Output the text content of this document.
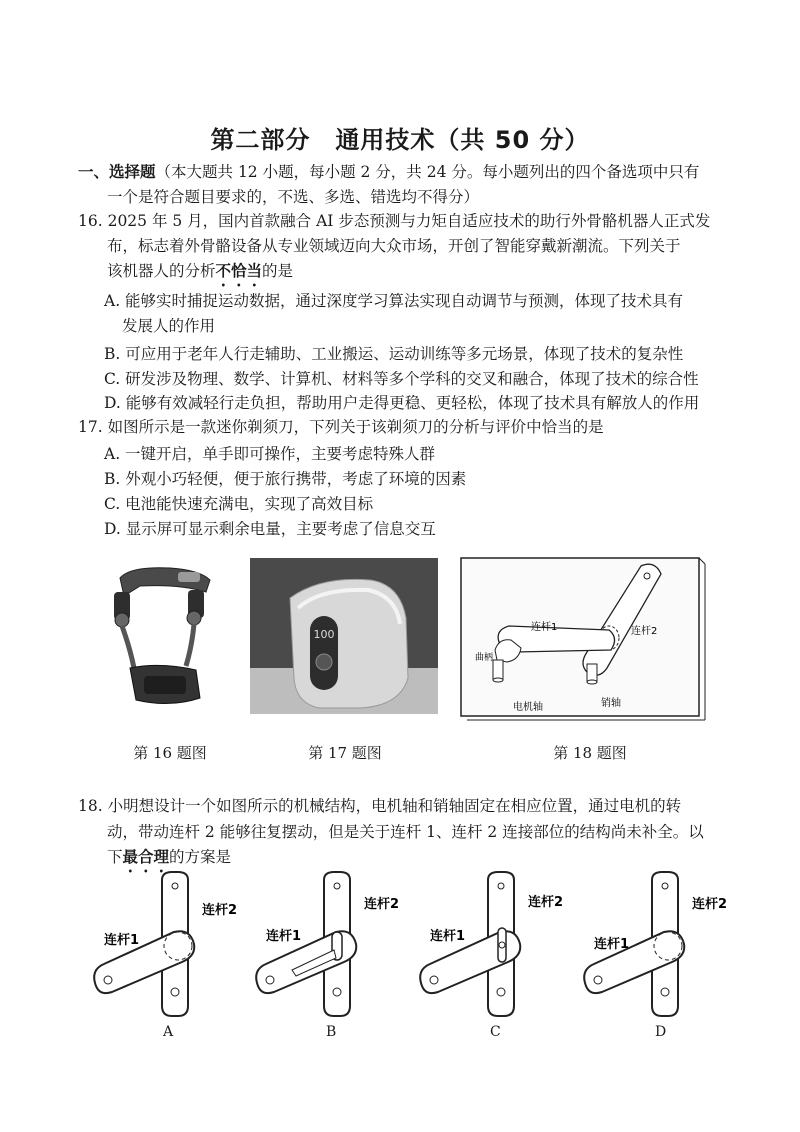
第二部分　通用技术（共 50 分）
一、选择题（本大题共 12 小题，每小题 2 分，共 24 分。每小题列出的四个备选项中只有
一个是符合题目要求的，不选、多选、错选均不得分）
16. 2025 年 5 月，国内首款融合 AI 步态预测与力矩自适应技术的助行外骨骼机器人正式发
布，标志着外骨骼设备从专业领域迈向大众市场，开创了智能穿戴新潮流。下列关于
该机器人的分析不恰当的是
A. 能够实时捕捉运动数据，通过深度学习算法实现自动调节与预测，体现了技术具有
发展人的作用
B. 可应用于老年人行走辅助、工业搬运、运动训练等多元场景，体现了技术的复杂性
C. 研发涉及物理、数学、计算机、材料等多个学科的交叉和融合，体现了技术的综合性
D. 能够有效减轻行走负担，帮助用户走得更稳、更轻松，体现了技术具有解放人的作用
17. 如图所示是一款迷你剃须刀，下列关于该剃须刀的分析与评价中恰当的是
A. 一键开启，单手即可操作，主要考虑特殊人群
B. 外观小巧轻便，便于旅行携带，考虑了环境的因素
C. 电池能快速充满电，实现了高效目标
D. 显示屏可显示剩余电量，主要考虑了信息交互
100
连杆1	连杆2
曲柄
电机轴	销轴
第 16 题图	第 17 题图	第 18 题图
18. 小明想设计一个如图所示的机械结构，电机轴和销轴固定在相应位置，通过电机的转
动，带动连杆 2 能够往复摆动，但是关于连杆 1、连杆 2 连接部位的结构尚未补全。以
下最合理的方案是
连杆2
连杆1
连杆2
连杆1
连杆2
连杆1
连杆2
连杆1
A	B	C	D
